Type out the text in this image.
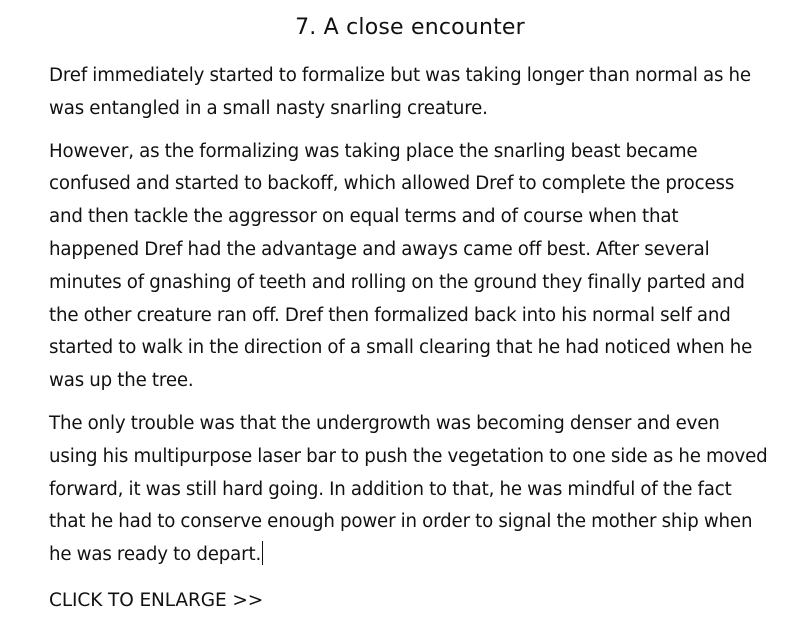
7. A close encounter

Dref immediately started to formalize but was taking longer than normal as he was entangled in a small nasty snarling creature.

However, as the formalizing was taking place the snarling beast became confused and started to backoff, which allowed Dref to complete the process and then tackle the aggressor on equal terms and of course when that happened Dref had the advantage and aways came off best. After several minutes of gnashing of teeth and rolling on the ground they finally parted and the other creature ran off. Dref then formalized back into his normal self and started to walk in the direction of a small clearing that he had noticed when he was up the tree.

The only trouble was that the undergrowth was becoming denser and even using his multipurpose laser bar to push the vegetation to one side as he moved forward, it was still hard going. In addition to that, he was mindful of the fact that he had to conserve enough power in order to signal the mother ship when he was ready to depart.

CLICK TO ENLARGE >>
